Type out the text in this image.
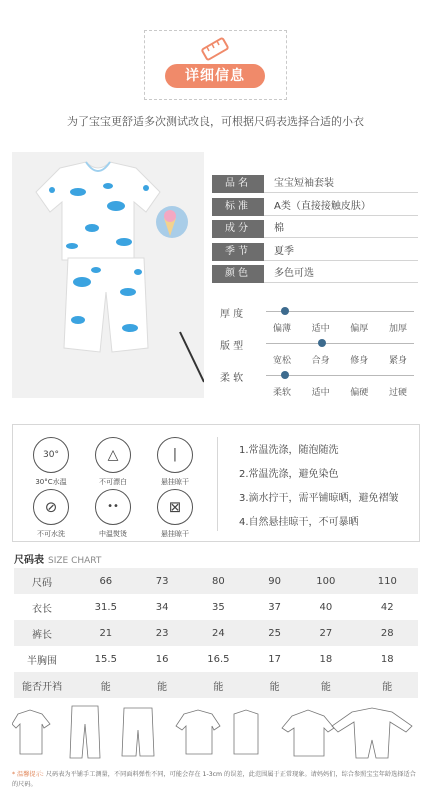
详细信息
为了宝宝更舒适多次测试改良，可根据尺码表选择合适的小衣
品名	宝宝短袖套装
标准	A类（直接接触皮肤）
成分	棉
季节	夏季
颜色	多色可选
厚 度
偏薄	适中	偏厚	加厚
版 型
宽松	合身	修身	紧身
柔 软
柔软	适中	偏硬	过硬
30°
30°C水温
△
不可漂白
|
悬挂晾干
⊘
不可水洗
••
中温熨烫
⊠
悬挂晾干
1.常温洗涤，随泡随洗
2.常温洗涤，避免染色
3.滴水拧干，需平铺晾晒，避免褶皱
4.自然悬挂晾干，不可暴晒
尺码表 SIZE CHART
尺码	66	73	80	90	100	110
衣长	31.5	34	35	37	40	42
裤长	21	23	24	25	27	28
半胸围	15.5	16	16.5	17	18	18
能否开裆	能	能	能	能	能	能
* 温馨提示: 尺码表为平铺手工测量，不同面料弹性不同，可能会存在 1-3cm 的误差，此范围属于正常现象。请妈妈们，综合参照宝宝年龄选择适合的尺码。
